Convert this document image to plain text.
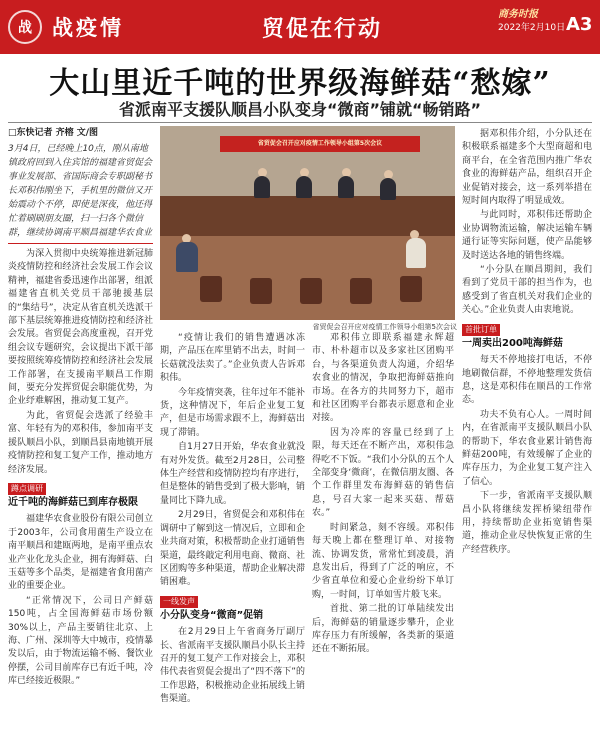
战 战疫情	贸促在行动
商务时报
2022年2月10日 A3
大山里近千吨的世界级海鲜菇“愁嫁”
省派南平支援队顺昌小队变身“微商”铺就“畅销路”
□东快记者 齐榕 文/图
3月4日，已经晚上10点，刚从南地镇政府回到入住宾馆的福建省贸促会事业发展部、省国际商会专职副秘书长邓积伟刚坐下，手机里的微信又开始震动个不停，即使是深夜，他还得忙着刷刷朋友圈，扫一扫各个微信群，继续协调南平顺昌福建华农食业

为深入贯彻中央统筹推进新冠肺炎疫情防控和经济社会发展工作会议精神，福建省委迅速作出部署，组派福建省直机关党员干部驰援基层的“集结号”，决定从省直机关选派干部下基层统筹推进疫情防控和经济社会发展。省贸促会高度重视，召开党组会议专题研究，会议提出下派干部要按照统筹疫情防控和经济社会发展工作部署，在支援南平顺昌工作期间，要充分发挥贸促会职能优势，为企业纾难解困，推动复工复产。

为此，省贸促会选派了经验丰富、年轻有为的邓积伟，参加南平支援队顺昌小队，到顺昌县南地镇开展疫情防控和复工复产工作，推动地方经济发展。

蹲点调研
近千吨的海鲜菇已到库存极限

福建华农食业股份有限公司创立于2003年，公司食用菌生产设立在南平顺昌和建瓯两地，是南平重点农业产业化龙头企业，拥有海鲜菇、白玉菇等多个品类，是福建省食用菌产业的重要企业。

“正常情况下，公司日产鲜菇150吨，占全国海鲜菇市场份额30%以上，产品主要销往北京、上海、广州、深圳等大中城市，疫情暴发以后，由于物流运输不畅、餐饮业停摆，公司目前库存已有近千吨，冷库已经接近极限。”

省贸促会召开应对疫情工作领导小组第5次会议
省贸促会召开应对疫情工作领导小组第5次会议

“疫情让我们的销售遭遇冰冻期，产品压在库里销不出去，时间一长菇就没法卖了。”企业负责人告诉邓积伟。

今年疫情突袭，往年过年不能补货，这种情况下，年后企业复工复产，但是市场需求跟不上，海鲜菇出现了滞销。

自1月27日开始，华农食业就没有对外发货。截至2月28日，公司整体生产经营和疫情防控均有序进行，但是整体的销售受到了极大影响，销量同比下降九成。

2月29日，省贸促会和邓积伟在调研中了解到这一情况后，立即和企业共商对策，积极帮助企业打通销售渠道，最终敲定利用电商、微商、社区团购等多种渠道，帮助企业解决滞销困难。

一线发声
小分队变身“微商”促销

在2月29日上午省商务厅副厅长、省派南平支援队顺昌小队长主持召开的复工复产工作对接会上，邓积伟代表省贸促会提出了“四不落下”的工作思路，积极推动企业拓展线上销售渠道。

邓积伟立即联系福建永辉超市、朴朴超市以及多家社区团购平台，与各渠道负责人沟通，介绍华农食业的情况，争取把海鲜菇推向市场。在各方的共同努力下，超市和社区团购平台都表示愿意和企业对接。

因为冷库的容量已经到了上限，每天还在不断产出，邓积伟急得吃不下饭。“我们小分队的五个人全部变身‘微商’，在微信朋友圈、各个工作群里发布海鲜菇的销售信息，号召大家一起来买菇、帮菇农。”

时间紧急，刻不容缓。邓积伟每天晚上都在整理订单、对接物流、协调发货，常常忙到凌晨，消息发出后，得到了广泛的响应，不少省直单位和爱心企业纷纷下单订购，一时间，订单如雪片般飞来。

首批、第二批的订单陆续发出后，海鲜菇的销量逐步攀升，企业库存压力有所缓解，各类新的渠道还在不断拓展。

据邓积伟介绍，小分队还在积极联系福建多个大型商超和电商平台，在全省范围内推广华农食业的海鲜菇产品，组织召开企业促销对接会，这一系列举措在短时间内取得了明显成效。

与此同时，邓积伟还帮助企业协调物流运输，解决运输车辆通行证等实际问题，使产品能够及时送达各地的销售终端。

“小分队在顺昌期间，我们看到了党员干部的担当作为，也感受到了省直机关对我们企业的关心。”企业负责人由衷地说。

首批订单
一周卖出200吨海鲜菇

每天不停地接打电话，不停地刷微信群，不停地整理发货信息，这是邓积伟在顺昌的工作常态。

功夫不负有心人。一周时间内，在省派南平支援队顺昌小队的帮助下，华农食业累计销售海鲜菇200吨，有效缓解了企业的库存压力，为企业复工复产注入了信心。

下一步，省派南平支援队顺昌小队将继续发挥桥梁纽带作用，持续帮助企业拓宽销售渠道，推动企业尽快恢复正常的生产经营秩序。
